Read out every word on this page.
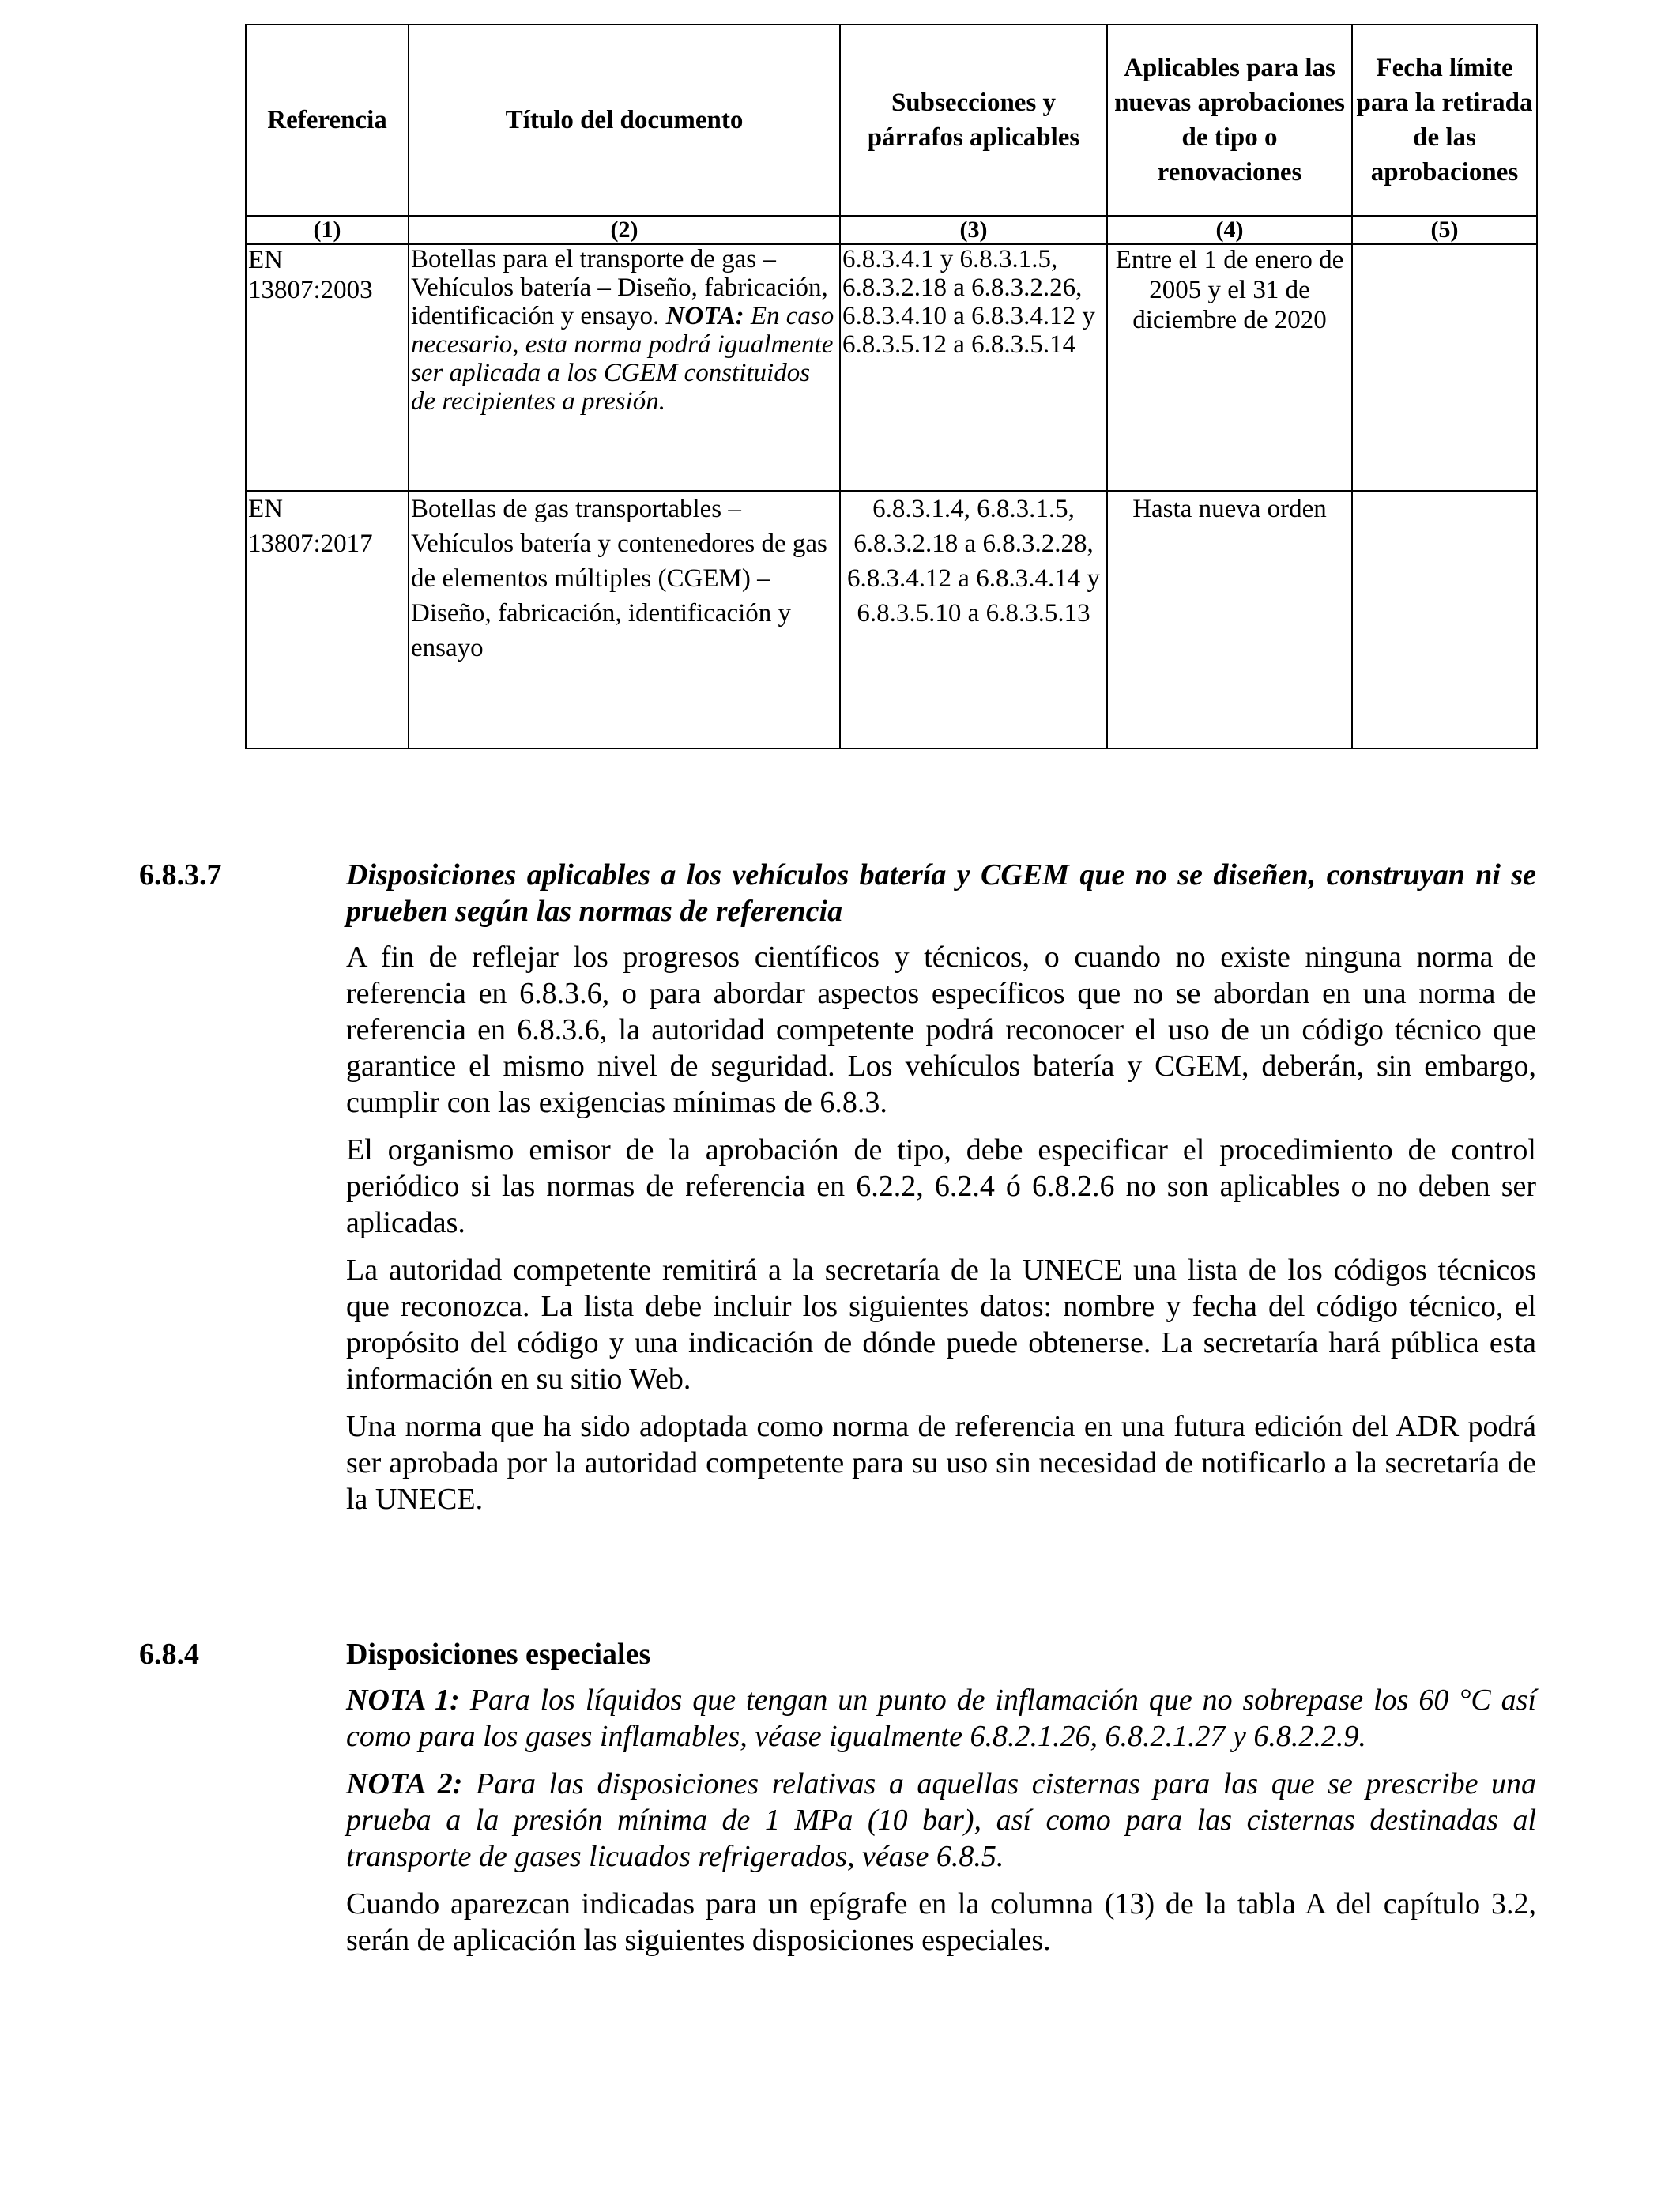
Referencia	Título del documento	Subsecciones y párrafos aplicables	Aplicables para las nuevas aprobaciones de tipo o renovaciones	Fecha límite para la retirada de las aprobaciones
(1)	(2)	(3)	(4)	(5)
EN 13807:2003	Botellas para el transporte de gas – Vehículos batería – Diseño, fabricación, identificación y ensayo. NOTA: En caso necesario, esta norma podrá igualmente ser aplicada a los CGEM constituidos de recipientes a presión.	6.8.3.4.1 y 6.8.3.1.5, 6.8.3.2.18 a 6.8.3.2.26, 6.8.3.4.10 a 6.8.3.4.12 y 6.8.3.5.12 a 6.8.3.5.14	Entre el 1 de enero de 2005 y el 31 de diciembre de 2020	
EN 13807:2017	Botellas de gas transportables – Vehículos batería y contenedores de gas de elementos múltiples (CGEM) – Diseño, fabricación, identificación y ensayo	6.8.3.1.4, 6.8.3.1.5, 6.8.3.2.18 a 6.8.3.2.28, 6.8.3.4.12 a 6.8.3.4.14 y 6.8.3.5.10 a 6.8.3.5.13	Hasta nueva orden	
6.8.3.7	Disposiciones aplicables a los vehículos batería y CGEM que no se diseñen, construyan ni se prueben según las normas de referencia

A fin de reflejar los progresos científicos y técnicos, o cuando no existe ninguna norma de referencia en 6.8.3.6, o para abordar aspectos específicos que no se abordan en una norma de referencia en 6.8.3.6, la autoridad competente podrá reconocer el uso de un código técnico que garantice el mismo nivel de seguridad. Los vehículos batería y CGEM, deberán, sin embargo, cumplir con las exigencias mínimas de 6.8.3.

El organismo emisor de la aprobación de tipo, debe especificar el procedimiento de control periódico si las normas de referencia en 6.2.2, 6.2.4 ó 6.8.2.6 no son aplicables o no deben ser aplicadas.

La autoridad competente remitirá a la secretaría de la UNECE una lista de los códigos técnicos que reconozca. La lista debe incluir los siguientes datos: nombre y fecha del código técnico, el propósito del código y una indicación de dónde puede obtenerse. La secretaría hará pública esta información en su sitio Web.

Una norma que ha sido adoptada como norma de referencia en una futura edición del ADR podrá ser aprobada por la autoridad competente para su uso sin necesidad de notificarlo a la secretaría de la UNECE.

6.8.4	Disposiciones especiales

NOTA 1: Para los líquidos que tengan un punto de inflamación que no sobrepase los 60 °C así como para los gases inflamables, véase igualmente 6.8.2.1.26, 6.8.2.1.27 y 6.8.2.2.9.

NOTA 2: Para las disposiciones relativas a aquellas cisternas para las que se prescribe una prueba a la presión mínima de 1 MPa (10 bar), así como para las cisternas destinadas al transporte de gases licuados refrigerados, véase 6.8.5.

Cuando aparezcan indicadas para un epígrafe en la columna (13) de la tabla A del capítulo 3.2, serán de aplicación las siguientes disposiciones especiales.
